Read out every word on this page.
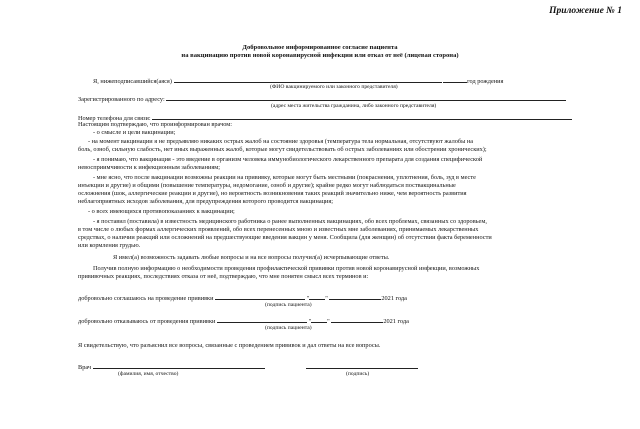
Приложение № 1
Добровольное информированное согласие пациента
на вакцинацию против новой коронавирусной инфекции или отказ от неё (лицевая сторона)
Я, нижеподписавшийся(аяся)	год рождения
(ФИО вакцинируемого или законного представителя)
Зарегистрированного по адресу:
(адрес места жительства гражданина, либо законного представителя)
Номер телефона для связи:
Настоящим подтверждаю, что проинформирован врачом:
- о смысле и цели вакцинации;
- на момент вакцинации я не предъявляю никаких острых жалоб на состояние здоровья (температура тела нормальная, отсутствуют жалобы на
боль, озноб, сильную слабость, нет иных выраженных жалоб, которые могут свидетельствовать об острых заболеваниях или обострении хронических);
- я понимаю, что вакцинация - это введение в организм человека иммунобиологического лекарственного препарата для создания специфической
невосприимчивости к инфекционным заболеваниям;
- мне ясно, что после вакцинации возможны реакции на прививку, которые могут быть местными (покраснения, уплотнения, боль, зуд в месте
инъекции и другие) и общими (повышение температуры, недомогание, озноб и другие); крайне редко могут наблюдаться поствакцинальные
осложнения (шок, аллергические реакции и другие), но вероятность возникновения таких реакций значительно ниже, чем вероятность развития
неблагоприятных исходов заболевания, для предупреждения которого проводится вакцинация;
- о всех имеющихся противопоказаниях к вакцинации;
- я поставил (поставила) в известность медицинского работника о ранее выполненных вакцинациях, обо всех проблемах, связанных со здоровьем,
в том числе о любых формах аллергических проявлений, обо всех перенесенных мною и известных мне заболеваниях, принимаемых лекарственных
средствах, о наличии реакций или осложнений на предшествующие введения вакцин у меня. Сообщила (для женщин) об отсутствии факта беременности
или кормления грудью.
Я имел(а) возможность задавать любые вопросы и на все вопросы получил(а) исчерпывающие ответы.
Получив полную информацию о необходимости проведения профилактической прививки против новой коронавирусной инфекции, возможных
прививочных реакциях, последствиях отказа от неё, подтверждаю, что мне понятен смысл всех терминов и:
добровольно соглашаюсь на проведение прививки	"	"	2021 года
(подпись пациента)
добровольно отказываюсь от проведения прививки	"	"	2021 года
(подпись пациента)
Я свидетельствую, что разъяснил все вопросы, связанные с проведением прививок и дал ответы на все вопросы.
Врач
(фамилия, имя, отчество)	(подпись)
